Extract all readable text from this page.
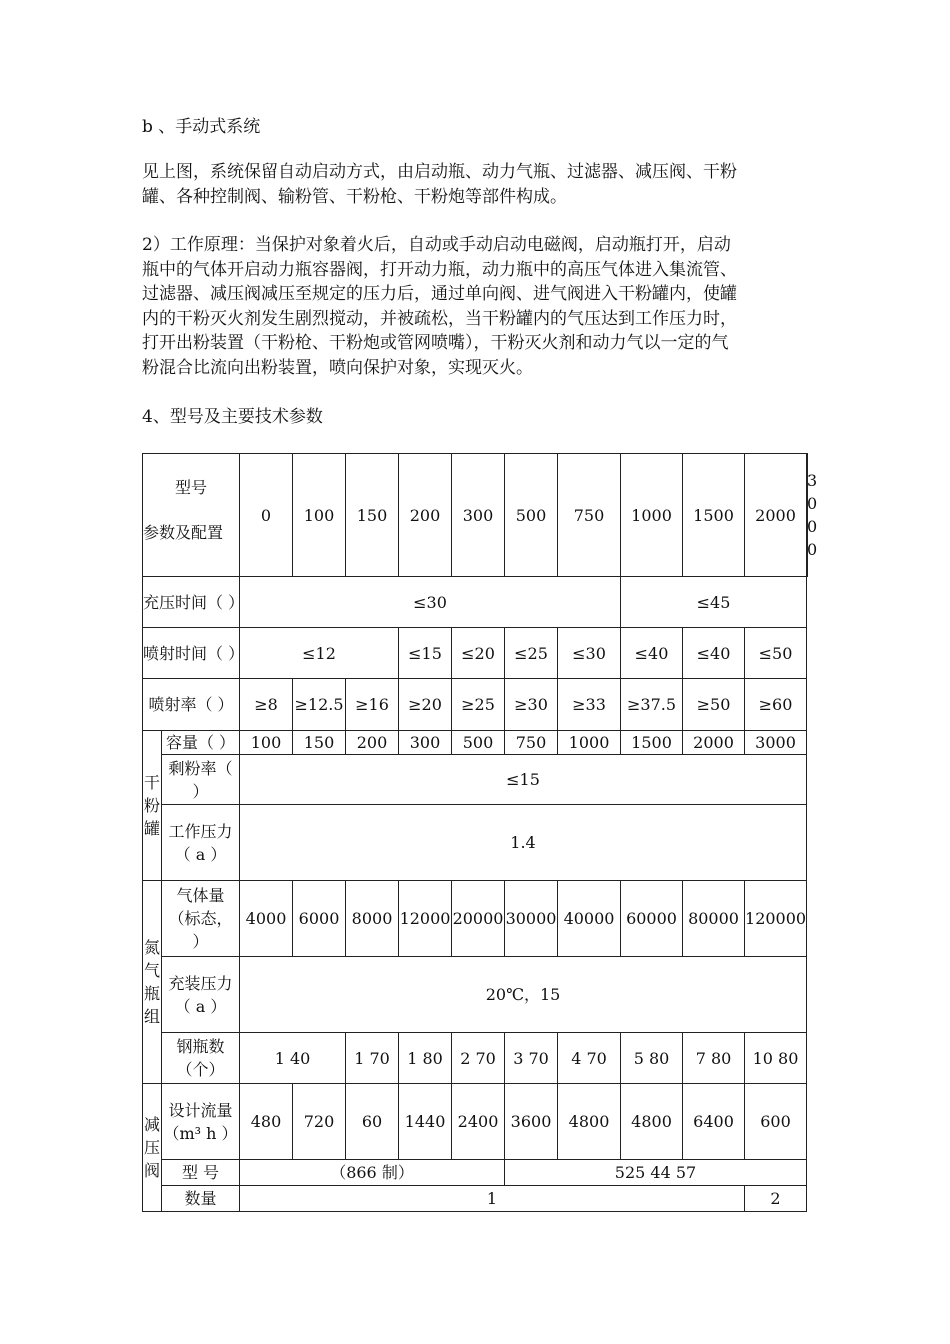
b 、手动式系统

见上图，系统保留自动启动方式，由启动瓶、动力气瓶、过滤器、减压阀、干粉
罐、各种控制阀、输粉管、干粉枪、干粉炮等部件构成。
2）工作原理：当保护对象着火后，自动或手动启动电磁阀，启动瓶打开，启动
瓶中的气体开启动力瓶容器阀，打开动力瓶，动力瓶中的高压气体进入集流管、
过滤器、减压阀减压至规定的压力后，通过单向阀、进气阀进入干粉罐内，使罐
内的干粉灭火剂发生剧烈搅动，并被疏松，当干粉罐内的气压达到工作压力时，
打开出粉装置（干粉枪、干粉炮或管网喷嘴），干粉灭火剂和动力气以一定的气
粉混合比流向出粉装置，喷向保护对象，实现灭火。

4、型号及主要技术参数

型号
参数及配置		0	100	150	200	300	500	750	1000	1500	2000	3000
充压时间（ ）		≤30							≤45			
喷射时间（ ）		≤12			≤15	≤20	≤25	≤30	≤40	≤40	≤50	
喷射率（ ）		≥8	≥12.5	≥16	≥20	≥25	≥30	≥33	≥37.5	≥50	≥60	
干粉罐	容量（ ）	100	150	200	300	500	750	1000	1500	2000	3000	
	剩粉率（ ）	≤15										
	工作压力（ a ）	1.4										
氮气瓶组	气体量（标态， ）	4000	6000	8000	12000	20000	30000	40000	60000	80000	120000	
	充装压力（ a ）	20℃，15										
	钢瓶数（个）	1 40		1 70	1 80	2 70	3 70	4 70	5 80	7 80	10 80	
减压阀	设计流量（m³ h ）	480	720	60	1440	2400	3600	4800	4800	6400	600	
	型 号	（866 制）					525 44 57					
	数量	1									2	
